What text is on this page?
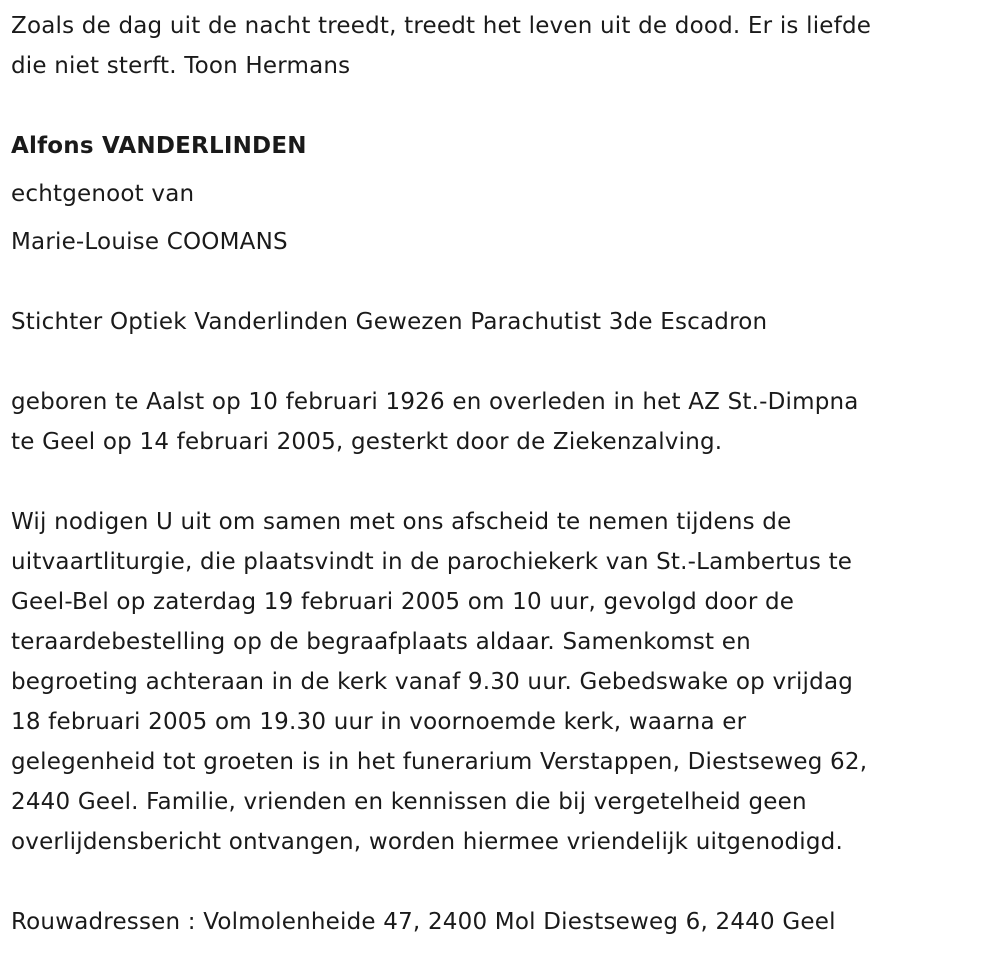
Zoals de dag uit de nacht treedt, treedt het leven uit de dood. Er is liefde
die niet sterft. Toon Hermans
Alfons VANDERLINDEN
echtgenoot van
Marie-Louise COOMANS
Stichter Optiek Vanderlinden Gewezen Parachutist 3de Escadron
geboren te Aalst op 10 februari 1926 en overleden in het AZ St.-Dimpna
te Geel op 14 februari 2005, gesterkt door de Ziekenzalving.
Wij nodigen U uit om samen met ons afscheid te nemen tijdens de
uitvaartliturgie, die plaatsvindt in de parochiekerk van St.-Lambertus te
Geel-Bel op zaterdag 19 februari 2005 om 10 uur, gevolgd door de
teraardebestelling op de begraafplaats aldaar. Samenkomst en
begroeting achteraan in de kerk vanaf 9.30 uur. Gebedswake op vrijdag
18 februari 2005 om 19.30 uur in voornoemde kerk, waarna er
gelegenheid tot groeten is in het funerarium Verstappen, Diestseweg 62,
2440 Geel. Familie, vrienden en kennissen die bij vergetelheid geen
overlijdensbericht ontvangen, worden hiermee vriendelijk uitgenodigd.
Rouwadressen : Volmolenheide 47, 2400 Mol Diestseweg 6, 2440 Geel
